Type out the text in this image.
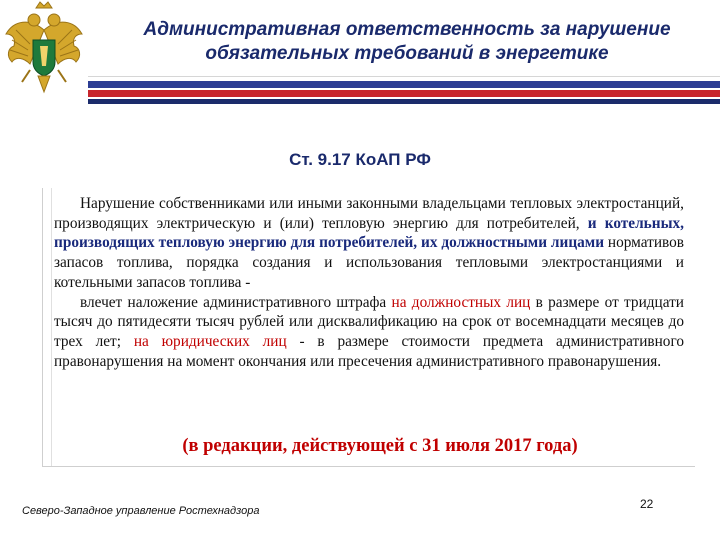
Административная ответственность за нарушение
обязательных требований в энергетике
Ст. 9.17 КоАП РФ

Нарушение собственниками или иными законными владельцами тепловых электростанций, производящих электрическую и (или) тепловую энергию для потребителей, и котельных, производящих тепловую энергию для потребителей, их должностными лицами нормативов запасов топлива, порядка создания и использования тепловыми электростанциями и котельными запасов топлива -

влечет наложение административного штрафа на должностных лиц в размере от тридцати тысяч до пятидесяти тысяч рублей или дисквалификацию на срок от восемнадцати месяцев до трех лет; на юридических лиц - в размере стоимости предмета административного правонарушения на момент окончания или пресечения административного правонарушения.

(в редакции, действующей с 31 июля 2017 года)
Северо-Западное управление Ростехнадзора	22
